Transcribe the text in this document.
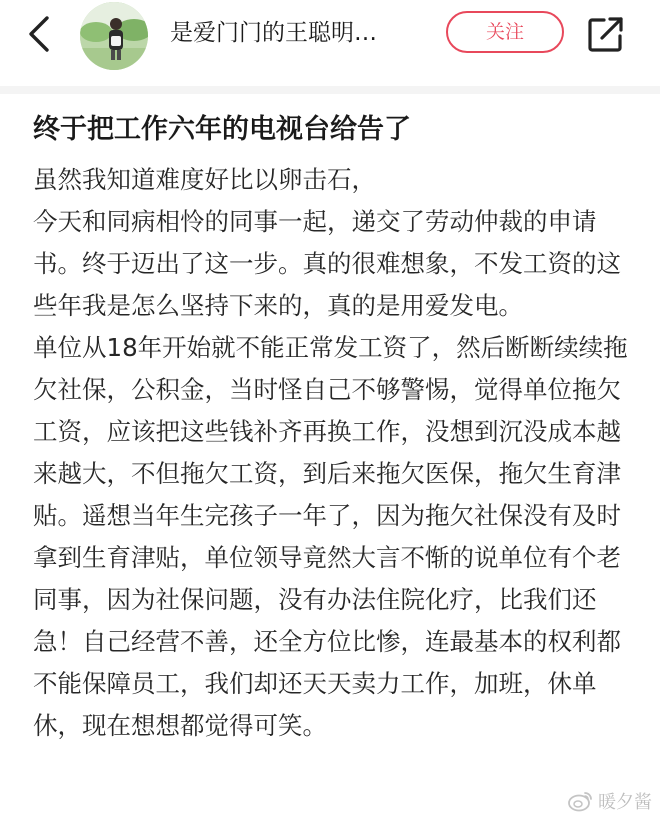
是爱门门的王聪明…	关注
终于把工作六年的电视台给告了

虽然我知道难度好比以卵击石，

今天和同病相怜的同事一起，递交了劳动仲裁的申请书。终于迈出了这一步。真的很难想象，不发工资的这些年我是怎么坚持下来的，真的是用爱发电。

单位从18年开始就不能正常发工资了，然后断断续续拖欠社保，公积金，当时怪自己不够警惕，觉得单位拖欠工资，应该把这些钱补齐再换工作，没想到沉没成本越来越大，不但拖欠工资，到后来拖欠医保，拖欠生育津贴。遥想当年生完孩子一年了，因为拖欠社保没有及时拿到生育津贴，单位领导竟然大言不惭的说单位有个老同事，因为社保问题，没有办法住院化疗，比我们还急！自己经营不善，还全方位比惨，连最基本的权利都不能保障员工，我们却还天天卖力工作，加班，休单休，现在想想都觉得可笑。

暖夕酱
